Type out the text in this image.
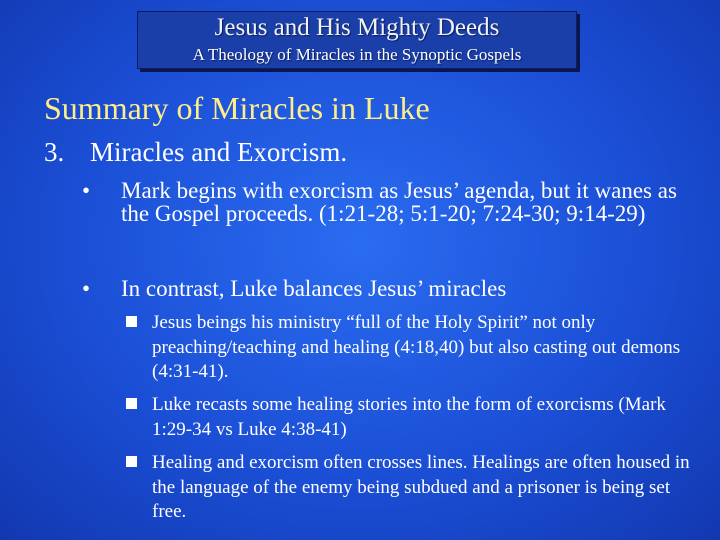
Jesus and His Mighty Deeds
A Theology of Miracles in the Synoptic Gospels
Summary of Miracles in Luke
3. Miracles and Exorcism.
• Mark begins with exorcism as Jesus’ agenda, but it wanes as the Gospel proceeds. (1:21-28; 5:1-20; 7:24-30; 9:14-29)
• In contrast, Luke balances Jesus’ miracles
Jesus beings his ministry “full of the Holy Spirit” not only preaching/teaching and healing (4:18,40) but also casting out demons (4:31-41).
Luke recasts some healing stories into the form of exorcisms (Mark 1:29-34 vs Luke 4:38-41)
Healing and exorcism often crosses lines. Healings are often housed in the language of the enemy being subdued and a prisoner is being set free.
